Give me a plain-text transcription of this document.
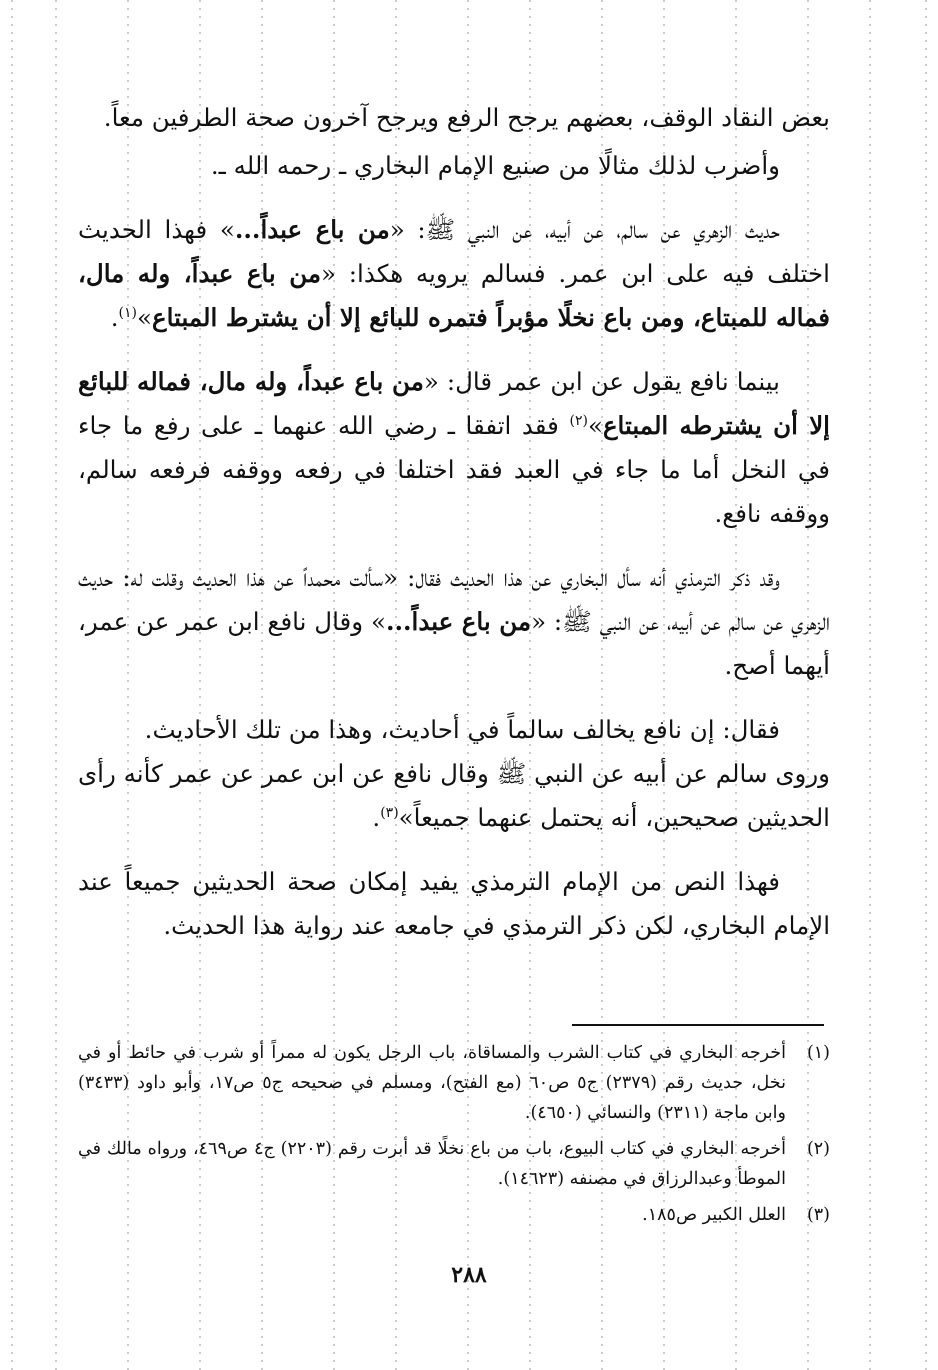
بعض النقاد الوقف، بعضهم يرجح الرفع ويرجح آخرون صحة الطرفين معاً.

وأضرب لذلك مثالًا من صنيع الإمام البخاري ـ رحمه الله ـ.

حديث الزهري عن سالم، عن أبيه، عن النبي ﷺ: «من باع عبداً...» فهذا الحديث اختلف فيه على ابن عمر. فسالم يرويه هكذا: «من باع عبداً، وله مال، فماله للمبتاع، ومن باع نخلًا مؤبراً فتمره للبائع إلا أن يشترط المبتاع»$^{(١)}$.

بينما نافع يقول عن ابن عمر قال: «من باع عبداً، وله مال، فماله للبائع إلا أن يشترطه المبتاع»$^{(٢)}$ فقد اتفقا ـ رضي الله عنهما ـ على رفع ما جاء في النخل أما ما جاء في العبد فقد اختلفا في رفعه ووقفه فرفعه سالم، ووقفه نافع.

وقد ذكر الترمذي أنه سأل البخاري عن هذا الحديث فقال: «سألت محمداً عن هذا الحديث وقلت له: حديث الزهري عن سالم عن أبيه، عن النبي ﷺ: «من باع عبداً...» وقال نافع ابن عمر عن عمر، أيهما أصح.

فقال: إن نافع يخالف سالماً في أحاديث، وهذا من تلك الأحاديث.

وروى سالم عن أبيه عن النبي ﷺ وقال نافع عن ابن عمر عن عمر كأنه رأى الحديثين صحيحين، أنه يحتمل عنهما جميعاً»$^{(٣)}$.

فهذا النص من الإمام الترمذي يفيد إمكان صحة الحديثين جميعاً عند الإمام البخاري، لكن ذكر الترمذي في جامعه عند رواية هذا الحديث.

(١)
أخرجه البخاري في كتاب الشرب والمساقاة، باب الرجل يكون له ممراً أو شرب في حائط أو في نخل، حديث رقم (٢٣٧٩) ج٥ ص٦٠ (مع الفتح)، ومسلم في صحيحه ج٥ ص١٧، وأبو داود (٣٤٣٣) وابن ماجة (٢٣١١) والنسائي (٤٦٥٠).
(٢)
أخرجه البخاري في كتاب البيوع، باب من باع نخلًا قد أبرت رقم (٢٢٠٣) ج٤ ص٤٦٩، ورواه مالك في الموطأ وعبدالرزاق في مصنفه (١٤٦٢٣).
(٣)
العلل الكبير ص١٨٥.
٢٨٨
